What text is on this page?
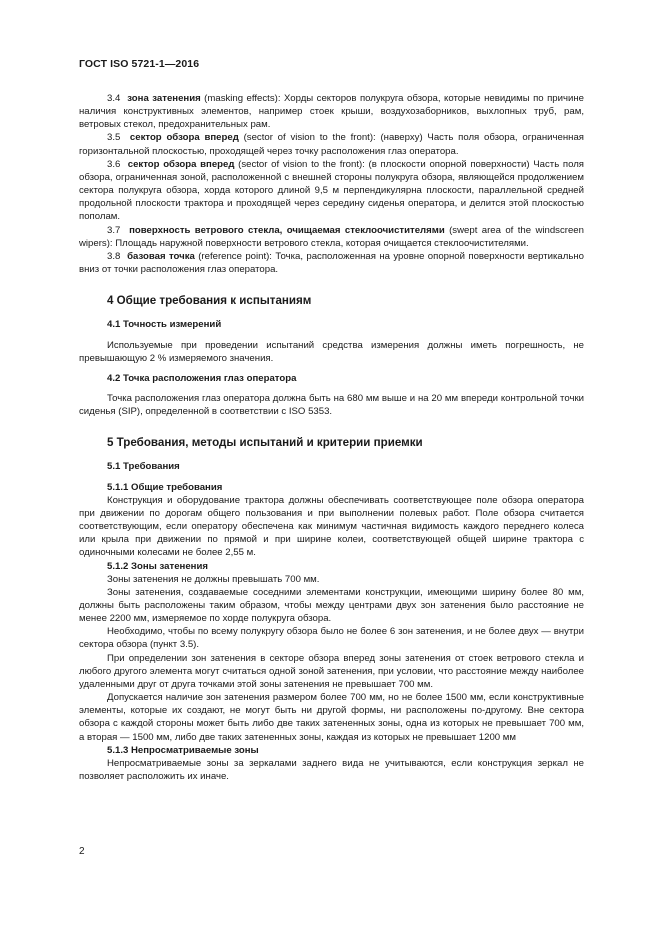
ГОСТ ISO 5721-1—2016

3.4 зона затенения (masking effects): Хорды секторов полукруга обзора, которые невидимы по причине наличия конструктивных элементов, например стоек крыши, воздухозаборников, выхлопных труб, рам, ветровых стекол, предохранительных рам.

3.5 сектор обзора вперед (sector of vision to the front): (наверху) Часть поля обзора, ограниченная горизонтальной плоскостью, проходящей через точку расположения глаз оператора.

3.6 сектор обзора вперед (sector of vision to the front): (в плоскости опорной поверхности) Часть поля обзора, ограниченная зоной, расположенной с внешней стороны полукруга обзора, являющейся продолжением сектора полукруга обзора, хорда которого длиной 9,5 м перпендикулярна плоскости, параллельной средней продольной плоскости трактора и проходящей через середину сиденья оператора, и делится этой плоскостью пополам.

3.7 поверхность ветрового стекла, очищаемая стеклоочистителями (swept area of the windscreen wipers): Площадь наружной поверхности ветрового стекла, которая очищается стеклоочистителями.

3.8 базовая точка (reference point): Точка, расположенная на уровне опорной поверхности вертикально вниз от точки расположения глаз оператора.

4 Общие требования к испытаниям

4.1 Точность измерений

Используемые при проведении испытаний средства измерения должны иметь погрешность, не превышающую 2 % измеряемого значения.

4.2 Точка расположения глаз оператора

Точка расположения глаз оператора должна быть на 680 мм выше и на 20 мм впереди контрольной точки сиденья (SIP), определенной в соответствии с ISO 5353.

5 Требования, методы испытаний и критерии приемки

5.1 Требования

5.1.1 Общие требования

Конструкция и оборудование трактора должны обеспечивать соответствующее поле обзора оператора при движении по дорогам общего пользования и при выполнении полевых работ. Поле обзора считается соответствующим, если оператору обеспечена как минимум частичная видимость каждого переднего колеса или крыла при движении по прямой и при ширине колеи, соответствующей общей ширине трактора с одиночными колесами не более 2,55 м.

5.1.2 Зоны затенения

Зоны затенения не должны превышать 700 мм.

Зоны затенения, создаваемые соседними элементами конструкции, имеющими ширину более 80 мм, должны быть расположены таким образом, чтобы между центрами двух зон затенения было расстояние не менее 2200 мм, измеряемое по хорде полукруга обзора.

Необходимо, чтобы по всему полукругу обзора было не более 6 зон затенения, и не более двух — внутри сектора обзора (пункт 3.5).

При определении зон затенения в секторе обзора вперед зоны затенения от стоек ветрового стекла и любого другого элемента могут считаться одной зоной затенения, при условии, что расстояние между наиболее удаленными друг от друга точками этой зоны затенения не превышает 700 мм.

Допускается наличие зон затенения размером более 700 мм, но не более 1500 мм, если конструктивные элементы, которые их создают, не могут быть ни другой формы, ни расположены по-другому. Вне сектора обзора с каждой стороны может быть либо две таких затененных зоны, одна из которых не превышает 700 мм, а вторая — 1500 мм, либо две таких затененных зоны, каждая из которых не превышает 1200 мм

5.1.3 Непросматриваемые зоны

Непросматриваемые зоны за зеркалами заднего вида не учитываются, если конструкция зеркал не позволяет расположить их иначе.

2
